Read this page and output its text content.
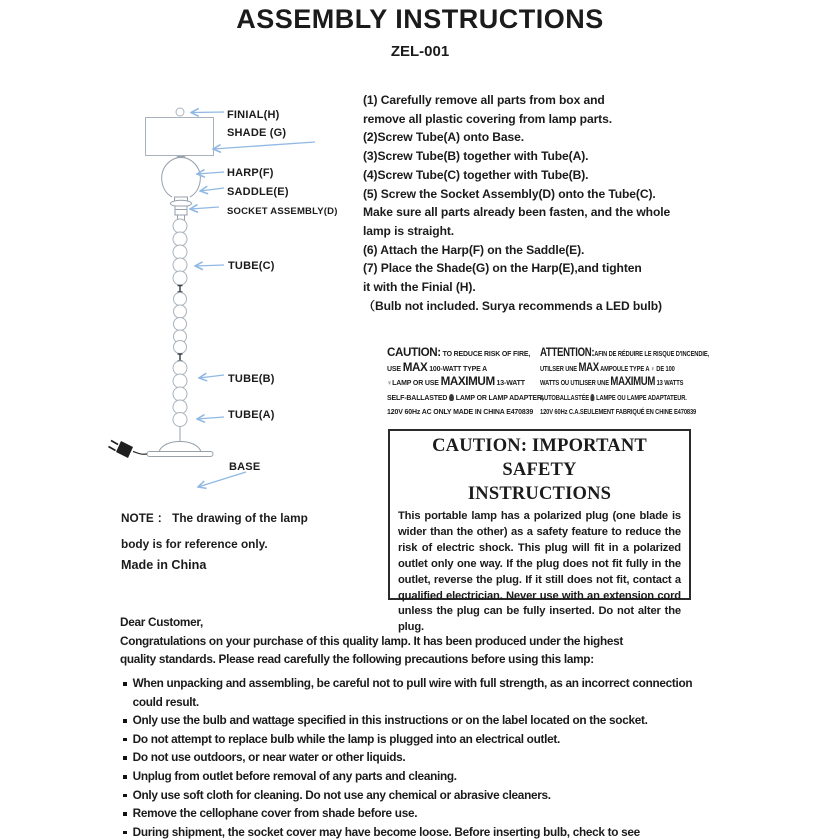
ASSEMBLY INSTRUCTIONS
ZEL-001
FINIAL(H)
SHADE (G)
HARP(F)
SADDLE(E)
SOCKET ASSEMBLY(D)
TUBE(C)
TUBE(B)
TUBE(A)
BASE
(1) Carefully remove all parts from box and
remove all plastic covering from lamp parts.
(2)Screw Tube(A) onto Base.
(3)Screw Tube(B) together with Tube(A).
(4)Screw Tube(C) together with Tube(B).
(5) Screw the Socket Assembly(D) onto the Tube(C).
Make sure all parts already been fasten, and the whole
lamp is straight.
(6) Attach the Harp(F) on the Saddle(E).
(7) Place the Shade(G) on the Harp(E),and tighten
it with the Finial (H).
（Bulb not included. Surya recommends a LED bulb)
CAUTION: TO REDUCE RISK OF FIRE,
USE MAX 100-WATT TYPE A
♀LAMP OR USE MAXIMUM 13-WATT
SELF-BALLASTED  LAMP OR LAMP ADAPTER,
120V 60Hz AC ONLY MADE IN CHINA E470839
ATTENTION:AFIN DE RÉDUIRE LE RISQUE D'INCENDIE,
UTILSER UNE MAX AMPOULE TYPE A ♀ DE 100
WATTS OU UTILISER UNE MAXIMUM 13 WATTS
AUTOBALLASTÉE  LAMPE OU LAMPE ADAPTATEUR.
120V 60Hz C.A.SEULEMENT FABRIQUÉ EN CHINE E470839
CAUTION: IMPORTANT SAFETY
INSTRUCTIONS
This portable lamp has a polarized plug (one blade is wider than the other) as a safety feature to reduce the risk of electric shock. This plug will fit in a polarized outlet only one way. If the plug does not fit fully in the outlet, reverse the plug. If it still does not fit, contact a qualified electrician. Never use with an extension cord unless the plug can be fully inserted. Do not alter the plug.
NOTE ： The drawing of the lamp
body is for reference only.
Made in China
Dear Customer,
Congratulations on your purchase of this quality lamp. It has been produced under the highest
quality standards. Please read carefully the following precautions before using this lamp:
When unpacking and assembling, be careful not to pull wire with full strength, as an incorrect connection could result.
Only use the bulb and wattage specified in this instructions or on the label located on the socket.
Do not attempt to replace bulb while the lamp is plugged into an electrical outlet.
Do not use outdoors, or near water or other liquids.
Unplug from outlet before removal of any parts and cleaning.
Only use soft cloth for cleaning. Do not use any chemical or abrasive cleaners.
Remove the cellophane cover from shade before use.
During shipment, the socket cover may have become loose. Before inserting bulb, check to see
